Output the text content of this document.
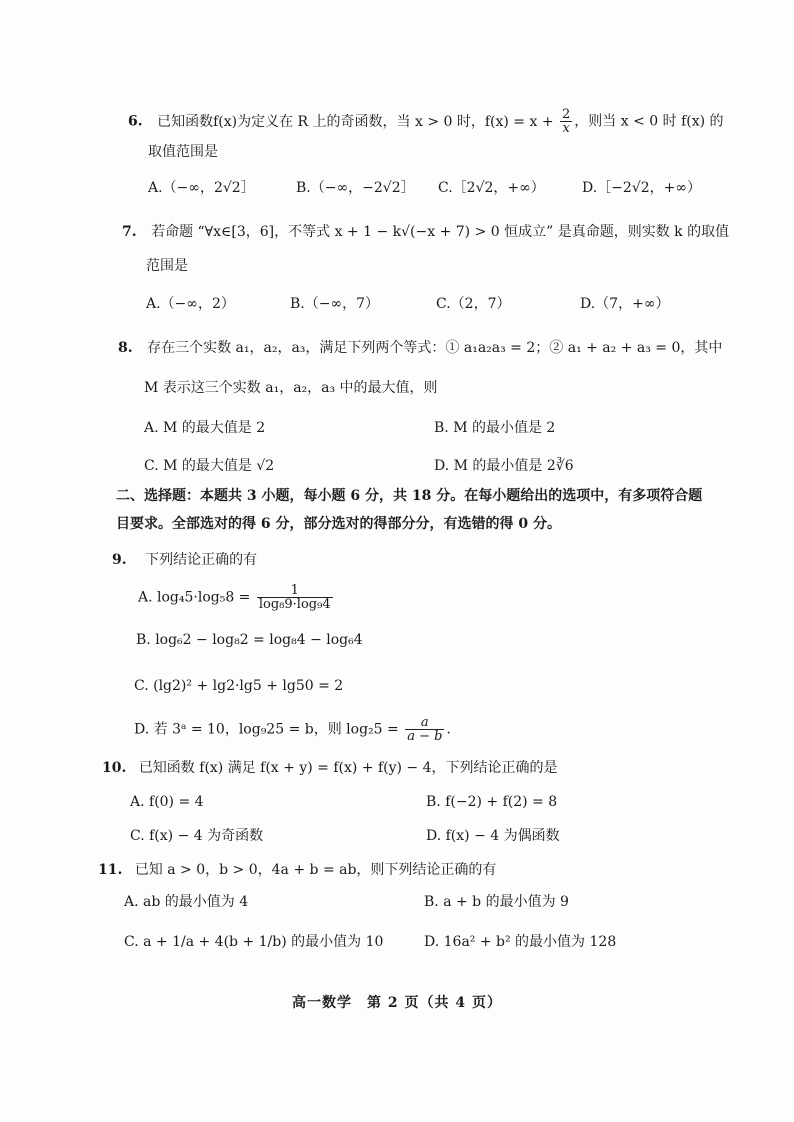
6. 已知函数f(x)为定义在 R 上的奇函数，当 x > 0 时，$f(x) = x + \frac{2}{x}$ ，则当 x < 0 时 f(x) 的
取值范围是
A.（−∞，2√2］	B.（−∞，−2√2］ C.［2√2，+∞）	D.［−2√2，+∞）
7. 若命题 “∀x∈[3，6]，不等式 x + 1 − k√(−x + 7) > 0 恒成立” 是真命题，则实数 k 的取值
范围是
A.（−∞，2）	B.（−∞，7）	C.（2，7）	D.（7，+∞）
8. 存在三个实数 a₁，a₂，a₃，满足下列两个等式：① a₁a₂a₃ = 2；② a₁ + a₂ + a₃ = 0，其中
M 表示这三个实数 a₁，a₂，a₃ 中的最大值，则
A. M 的最大值是 2	B. M 的最小值是 2
C. M 的最大值是 √2	D. M 的最小值是 2∛6
二、选择题：本题共 3 小题，每小题 6 分，共 18 分。在每小题给出的选项中，有多项符合题
目要求。全部选对的得 6 分，部分选对的得部分分，有选错的得 0 分。
9. 下列结论正确的有
A. $\log_45\cdot\log_58 = \frac{1}{\text{log₈9·log₉4}}$
B. log₆2 − log₈2 = log₈4 − log₆4
C. (lg2)² + lg2·lg5 + lg50 = 2
D. 若 3ᵃ = 10，log₉25 = b，则 $\log_25 = \frac{a}{a - b}$ .
10. 已知函数 f(x) 满足 f(x + y) = f(x) + f(y) − 4，下列结论正确的是
A. f(0) = 4	B. f(−2) + f(2) = 8
C. f(x) − 4 为奇函数	D. f(x) − 4 为偶函数
11. 已知 a > 0，b > 0，4a + b = ab，则下列结论正确的有
A. ab 的最小值为 4	B. a + b 的最小值为 9
C. a + 1/a + 4(b + 1/b) 的最小值为 10	D. 16a² + b² 的最小值为 128
高一数学　第 2 页（共 4 页）
